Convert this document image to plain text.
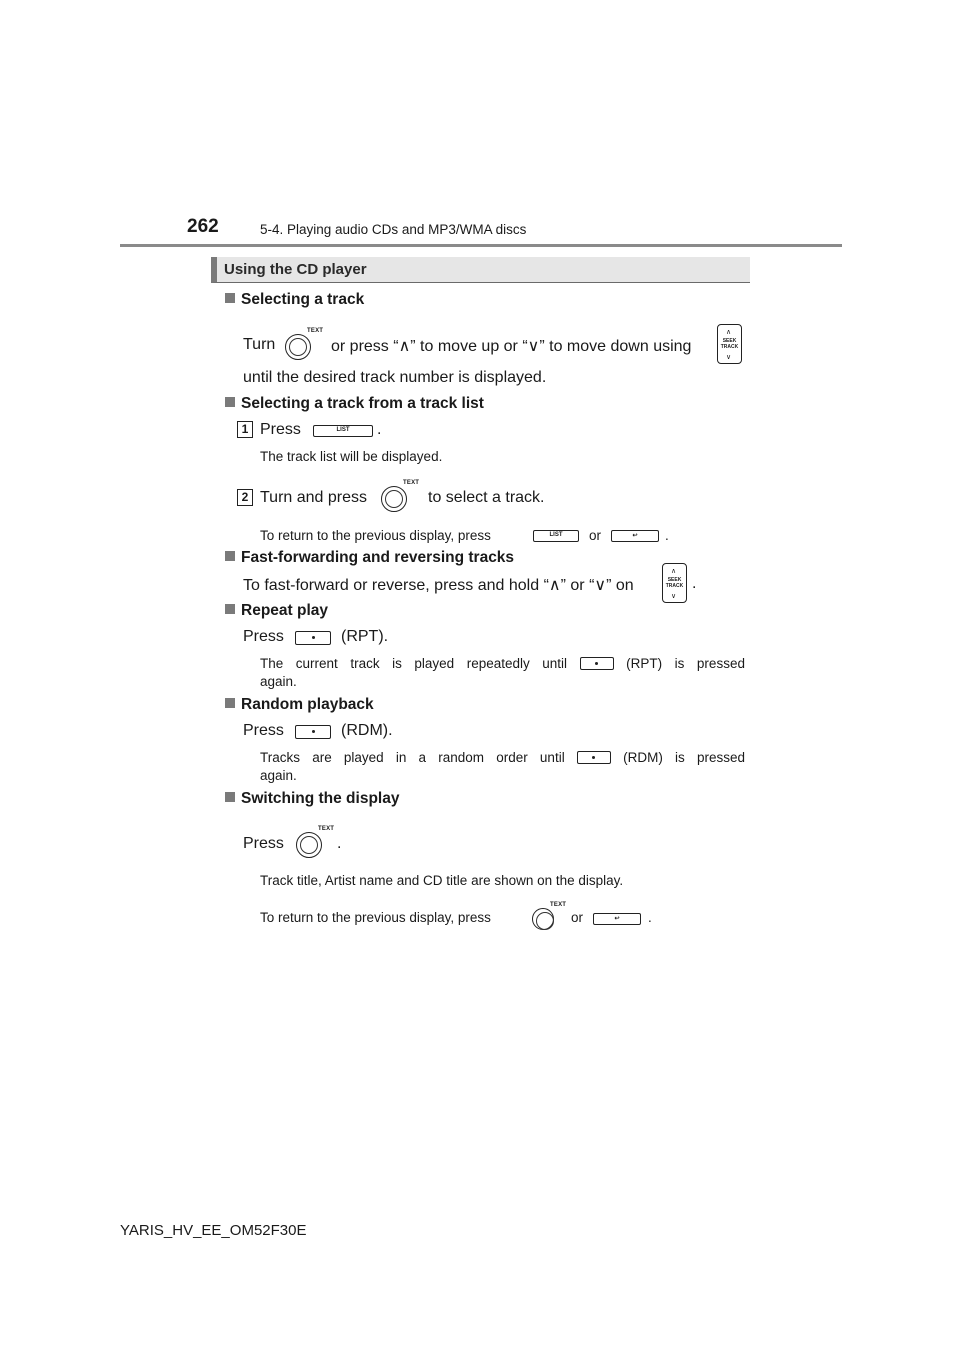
262	5-4. Playing audio CDs and MP3/WMA discs
Using the CD player
Selecting a track
Turn
TEXT
or press “∧” to move up or “∨” to move down using
∧
SEEK
TRACK
∨
until the desired track number is displayed.
Selecting a track from a track list
1 Press	LIST	.
The track list will be displayed.
2 Turn and press
TEXT
to select a track.
To return to the previous display, press	LIST	or	↩	.
Fast-forwarding and reversing tracks
To fast-forward or reverse, press and hold “∧” or “∨” on
∧
SEEK
TRACK
∨
.
Repeat play
Press	(RPT).
The current track is played repeatedly until	(RPT) is pressed
again.
Random playback
Press	(RDM).
Tracks are played in a random order until	(RDM) is pressed
again.
Switching the display
Press
TEXT
.
Track title, Artist name and CD title are shown on the display.
To return to the previous display, press
TEXT
or	↩	.
YARIS_HV_EE_OM52F30E
